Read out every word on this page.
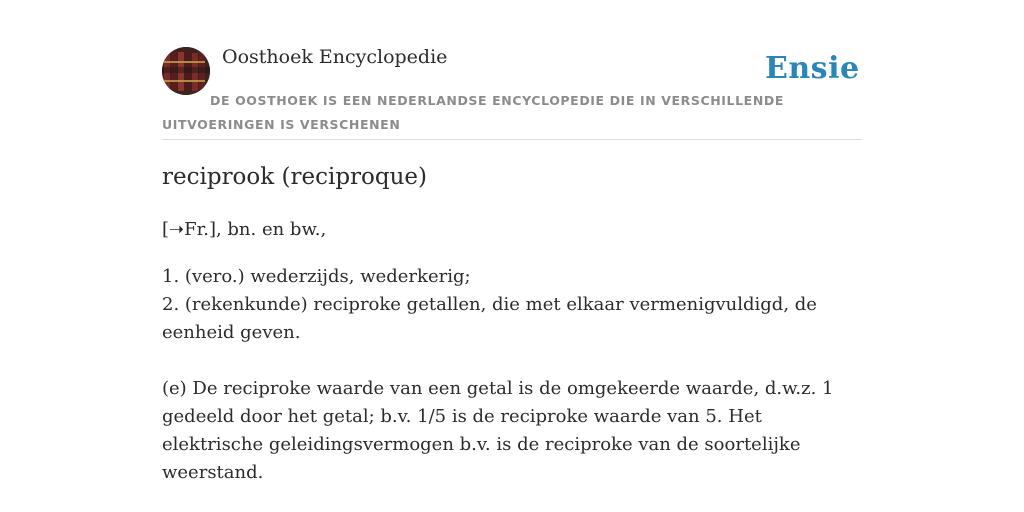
Oosthoek Encyclopedie	Ensie
DE OOSTHOEK IS EEN NEDERLANDSE ENCYCLOPEDIE DIE IN VERSCHILLENDE UITVOERINGEN IS VERSCHENEN
reciprook (reciproque)
[➝Fr.], bn. en bw.,
1. (vero.) wederzijds, wederkerig;
2. (rekenkunde) reciproke getallen, die met elkaar vermenigvuldigd, de eenheid geven.
(e) De reciproke waarde van een getal is de omgekeerde waarde, d.w.z. 1 gedeeld door het getal; b.v. 1/5 is de reciproke waarde van 5. Het elektrische geleidingsvermogen b.v. is de reciproke van de soortelijke weerstand.
